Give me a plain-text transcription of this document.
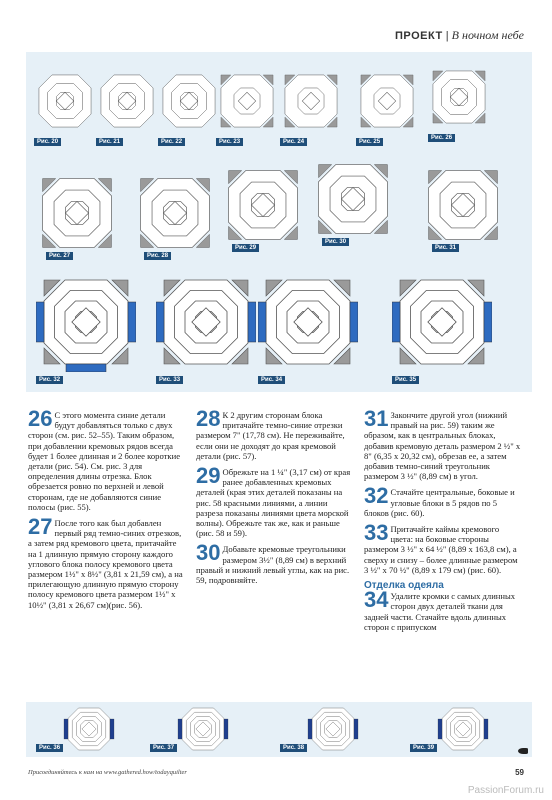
ПРОЕКТ | В ночном небе
Рис. 20	Рис. 21	Рис. 22	Рис. 23	Рис. 24	Рис. 25
Рис. 26
Рис. 27	Рис. 28
Рис. 29
Рис. 30
Рис. 31
Рис. 32	Рис. 33	Рис. 34	Рис. 35

26 С этого момента синие детали будут добавляться только с двух сторон (см. рис. 52–55). Таким образом, при добавлении кремовых рядов всегда будет 1 более длинная и 2 более короткие детали (рис. 54). См. рис. 3 для определения длины отрезка. Блок обрезается ровно по верхней и левой сторонам, где не добавляются синие полосы (рис. 55).

27 После того как был добавлен первый ряд темно-синих отрезков, а затем ряд кремового цвета, притачайте на 1 длинную прямую сторону каждого углового блока полосу кремового цвета размером 1½" x 8½" (3,81 x 21,59 см), а на прилегающую длинную прямую сторону полосу кремового цвета размером 1½" x 10½" (3,81 x 26,67 см)(рис. 56).

28 К 2 другим сторонам блока притачайте темно-синие отрезки размером 7" (17,78 см). Не переживайте, если они не доходят до края кремовой детали (рис. 57).

29 Обрежьте на 1 ¼" (3,17 см) от края ранее добавленных кремовых деталей (края этих деталей показаны на рис. 58 красными линиями, а линии разреза показаны линиями цвета морской волны). Обрежьте так же, как и раньше (рис. 58 и 59).

30 Добавьте кремовые треугольники размером 3½" (8,89 см) в верхний правый и нижний левый углы, как на рис. 59, подровняйте.

31 Закончите другой угол (нижний правый на рис. 59) таким же образом, как в центральных блоках, добавив кремовую деталь размером 2 ½" x 8" (6,35 x 20,32 см), обрезав ее, а затем добавив темно-синий треугольник размером 3 ½" (8,89 см) в угол.

32 Стачайте центральные, боковые и угловые блоки в 5 рядов по 5 блоков (рис. 60).

33 Притачайте каймы кремового цвета: на боковые стороны размером 3 ½" x 64 ½" (8,89 x 163,8 см), а сверху и снизу – более длинные размером 3 ½" x 70 ½" (8,89 x 179 см) (рис. 60).

Отделка одеяла

34 Удалите кромки с самых длинных сторон двух деталей ткани для задней части. Стачайте вдоль длинных сторон с припуском

Рис. 36	Рис. 37	Рис. 38	Рис. 39
Присоединяйтесь к нам на www.gathered.how/todayquilter	59
PassionForum.ru
